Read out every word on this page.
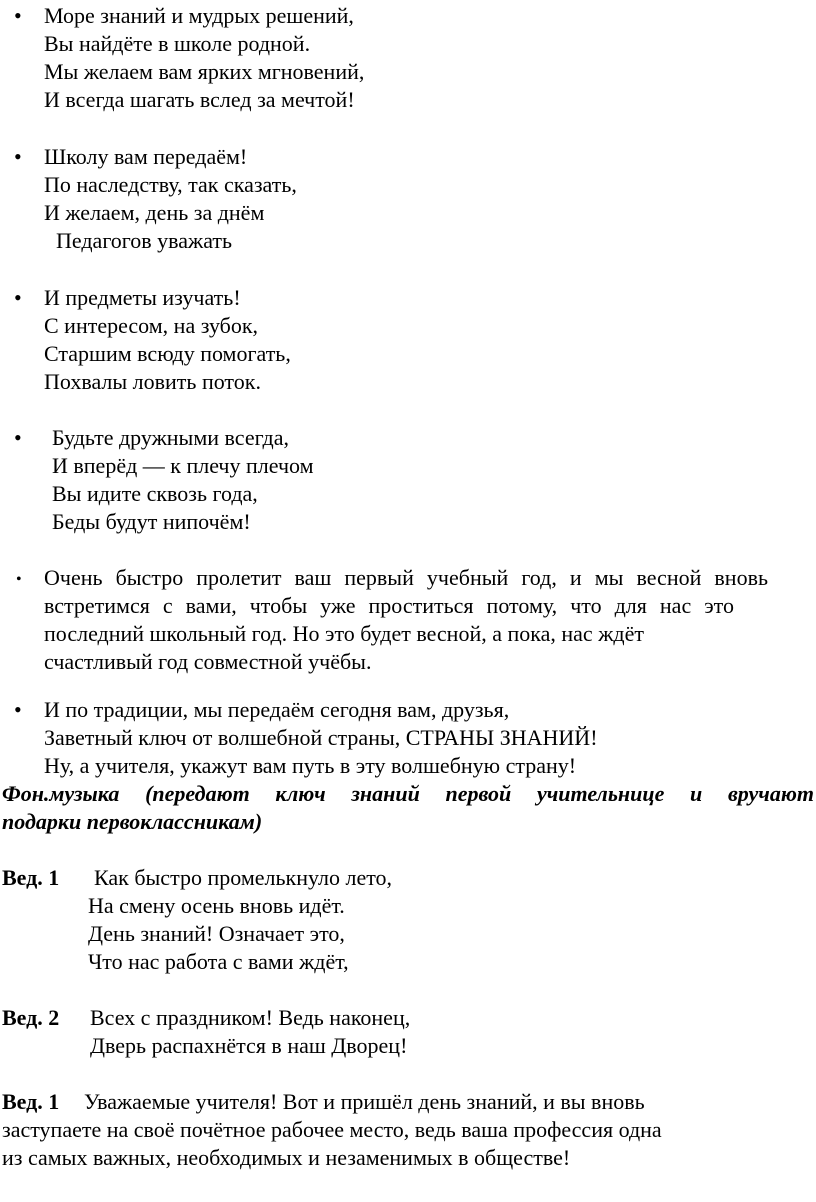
• Море знаний и мудрых решений,
Вы найдёте в школе родной.
Мы желаем вам ярких мгновений,
И всегда шагать вслед за мечтой!
• Школу вам передаём!
По наследству, так сказать,
И желаем, день за днём
Педагогов уважать
• И предметы изучать!
С интересом, на зубок,
Старшим всюду помогать,
Похвалы ловить поток.
• Будьте дружными всегда,
И вперёд — к плечу плечом
Вы идите сквозь года,
Беды будут нипочём!
• Очень быстро пролетит ваш первый учебный год, и мы весной вновь
встретимся с вами, чтобы уже проститься потому, что для нас это
последний школьный год. Но это будет весной, а пока, нас ждёт
счастливый год совместной учёбы.
• И по традиции, мы передаём сегодня вам, друзья,
Заветный ключ от волшебной страны, СТРАНЫ ЗНАНИЙ!
Ну, а учителя, укажут вам путь в эту волшебную страну!
Фон.музыка (передают ключ знаний первой учительнице и вручают
подарки первоклассникам)
Вед. 1 Как быстро промелькнуло лето,
На смену осень вновь идёт.
День знаний! Означает это,
Что нас работа с вами ждёт,
Вед. 2 Всех с праздником! Ведь наконец,
Дверь распахнётся в наш Дворец!
Вед. 1 Уважаемые учителя! Вот и пришёл день знаний, и вы вновь
заступаете на своё почётное рабочее место, ведь ваша профессия одна
из самых важных, необходимых и незаменимых в обществе!
